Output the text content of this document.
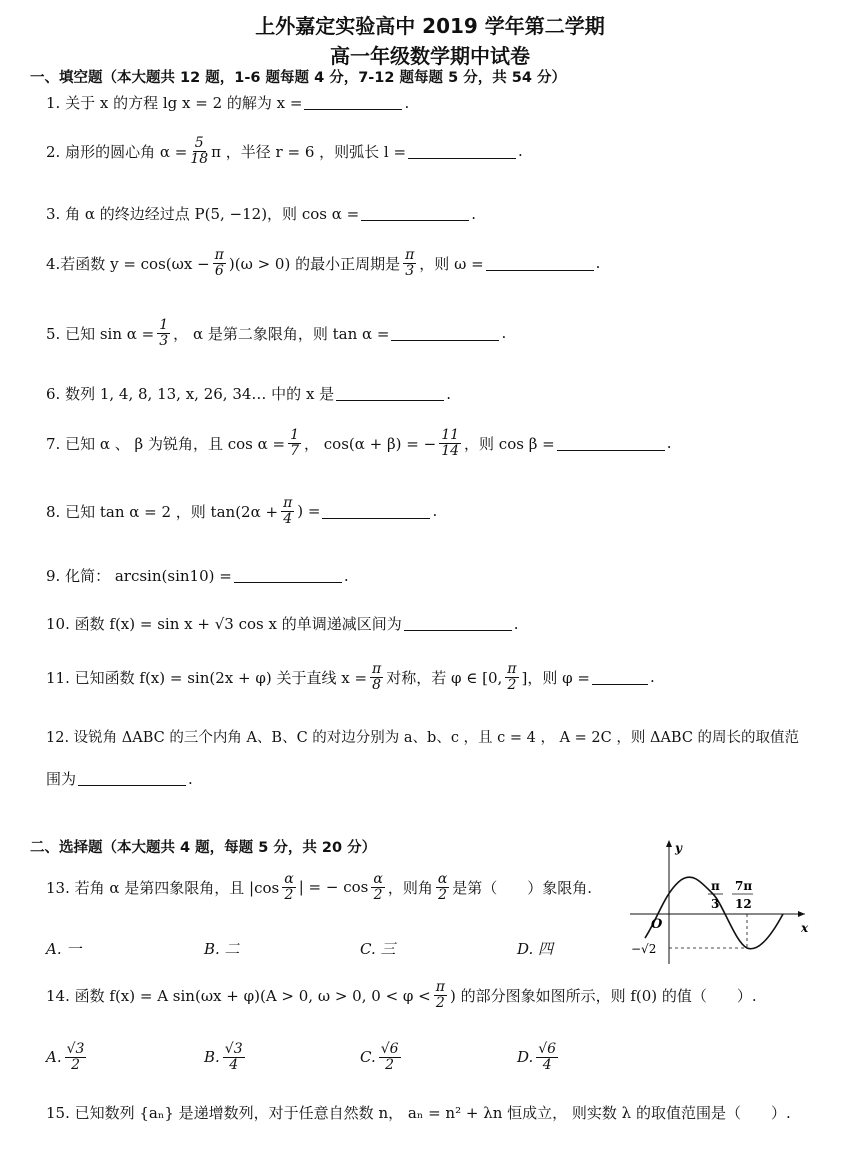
上外嘉定实验高中 2019 学年第二学期
高一年级数学期中试卷
一、填空题（本大题共 12 题，1-6 题每题 4 分，7-12 题每题 5 分，共 54 分）
1. 关于 x 的方程 lg x = 2 的解为 x =	.
2. 扇形的圆心角 $\alpha = \frac{5}{18}$ π ，半径 r = 6 ，则弧长 l =	.
3. 角 α 的终边经过点 P(5, −12)，则 cos α =	.
4.若函数 $y = \cos(\omega x - \frac{\pi}{6} )(\omega > 0)$ 的最小正周期是 $\frac{\pi}{3}$ ，则 ω =	.
5. 已知 $\sin \alpha = \frac{1}{3}$ ， α 是第二象限角，则 tan α =	.
6. 数列 1, 4, 8, 13, x, 26, 34… 中的 x 是	.
7. 已知 α 、 β 为锐角，且 $\cos \alpha = \frac{1}{7}$ ， cos(α + β) = − $\frac{11}{14}$ ，则 cos β =	.
8. 已知 tan α = 2 ，则 $\tan(2\alpha + \frac{\pi}{4}$ ) =	.
9. 化简： arcsin(sin10) =	.
10. 函数 f(x) = sin x + √3 cos x 的单调递减区间为	.
11. 已知函数 f(x) = sin(2x + φ) 关于直线 $x = \frac{\pi}{8}$ 对称，若 φ ∈ [0, $\frac{\pi}{2}$ ]，则 φ =	.
12. 设锐角 ΔABC 的三个内角 A、B、C 的对边分别为 a、b、c ，且 c = 4 ， A = 2C ，则 ΔABC 的周长的取值范
围为	.
二、选择题（本大题共 4 题，每题 5 分，共 20 分）
13. 若角 α 是第四象限角，且 $|\cos \frac{\alpha}{2}$ | = − $\cos \frac{\alpha}{2}$ ，则角 $\frac{\alpha}{2}$ 是第（　　）象限角.
A. 一	B. 二	C. 三	D. 四
14. 函数 f(x) = A sin(ωx + φ)(A > 0, ω > 0, $0 < \varphi < \frac{\pi}{2}$ ) 的部分图象如图所示，则 f(0) 的值（　　）.
A. $\frac{√3}{2}$	B. $\frac{√3}{4}$	C. $\frac{√6}{2}$	D. $\frac{√6}{4}$
15. 已知数列 {aₙ} 是递增数列，对于任意自然数 n， aₙ = n² + λn 恒成立， 则实数 λ 的取值范围是（　　）.
y
x
O
π
3
7π
12
−√2
